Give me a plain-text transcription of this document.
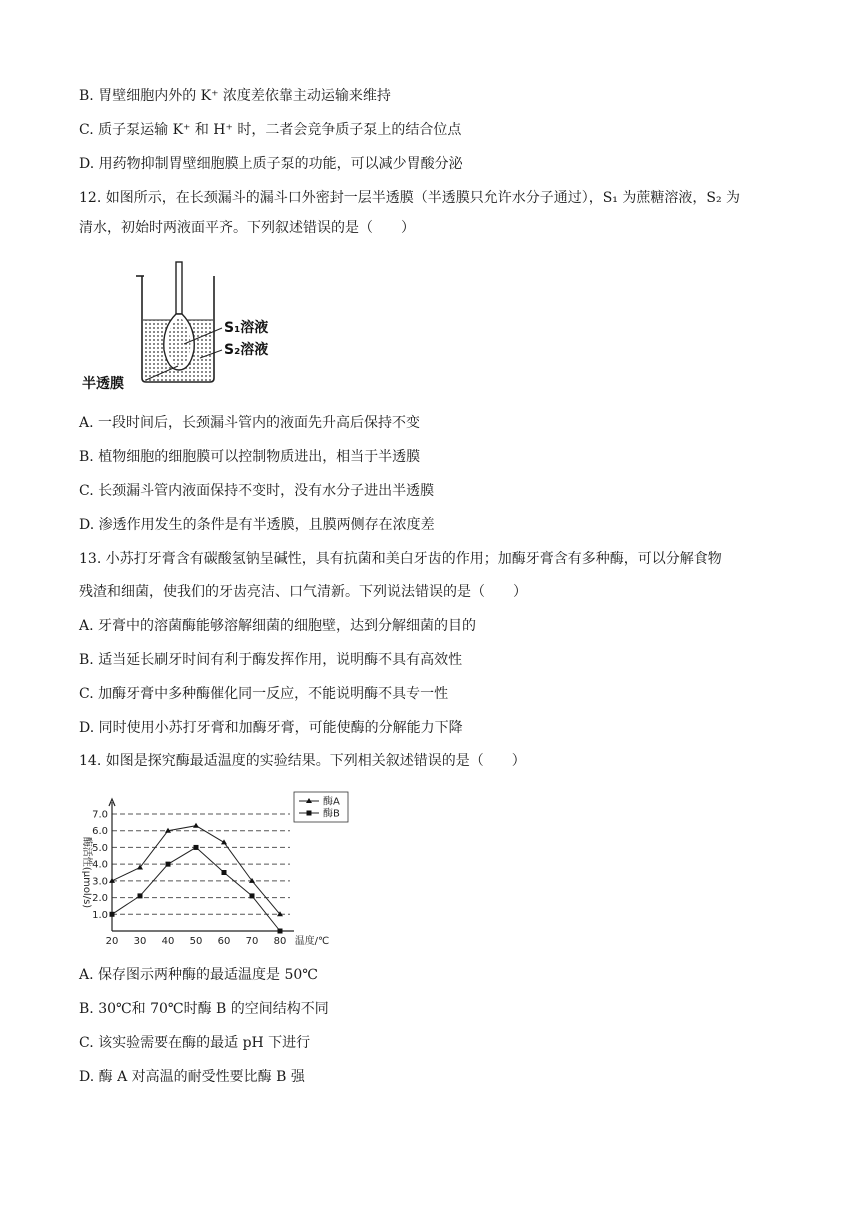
B. 胃壁细胞内外的 K⁺ 浓度差依靠主动运输来维持
C. 质子泵运输 K⁺ 和 H⁺ 时，二者会竞争质子泵上的结合位点
D. 用药物抑制胃壁细胞膜上质子泵的功能，可以减少胃酸分泌
12. 如图所示，在长颈漏斗的漏斗口外密封一层半透膜（半透膜只允许水分子通过），S₁ 为蔗糖溶液，S₂ 为
清水，初始时两液面平齐。下列叙述错误的是（　　）
S₁溶液
S₂溶液
半透膜
A. 一段时间后，长颈漏斗管内的液面先升高后保持不变
B. 植物细胞的细胞膜可以控制物质进出，相当于半透膜
C. 长颈漏斗管内液面保持不变时，没有水分子进出半透膜
D. 渗透作用发生的条件是有半透膜，且膜两侧存在浓度差
13. 小苏打牙膏含有碳酸氢钠呈碱性，具有抗菌和美白牙齿的作用；加酶牙膏含有多种酶，可以分解食物
残渣和细菌，使我们的牙齿亮洁、口气清新。下列说法错误的是（　　）
A. 牙膏中的溶菌酶能够溶解细菌的细胞壁，达到分解细菌的目的
B. 适当延长刷牙时间有利于酶发挥作用，说明酶不具有高效性
C. 加酶牙膏中多种酶催化同一反应，不能说明酶不具专一性
D. 同时使用小苏打牙膏和加酶牙膏，可能使酶的分解能力下降
14. 如图是探究酶最适温度的实验结果。下列相关叙述错误的是（　　）
1.0
2.0
3.0
4.0
5.0
6.0
7.0
20 30 40 50 60 70 80 温度/℃
酶活性(μmol/s)
酶A
酶B
A. 保存图示两种酶的最适温度是 50℃
B. 30℃和 70℃时酶 B 的空间结构不同
C. 该实验需要在酶的最适 pH 下进行
D. 酶 A 对高温的耐受性要比酶 B 强
